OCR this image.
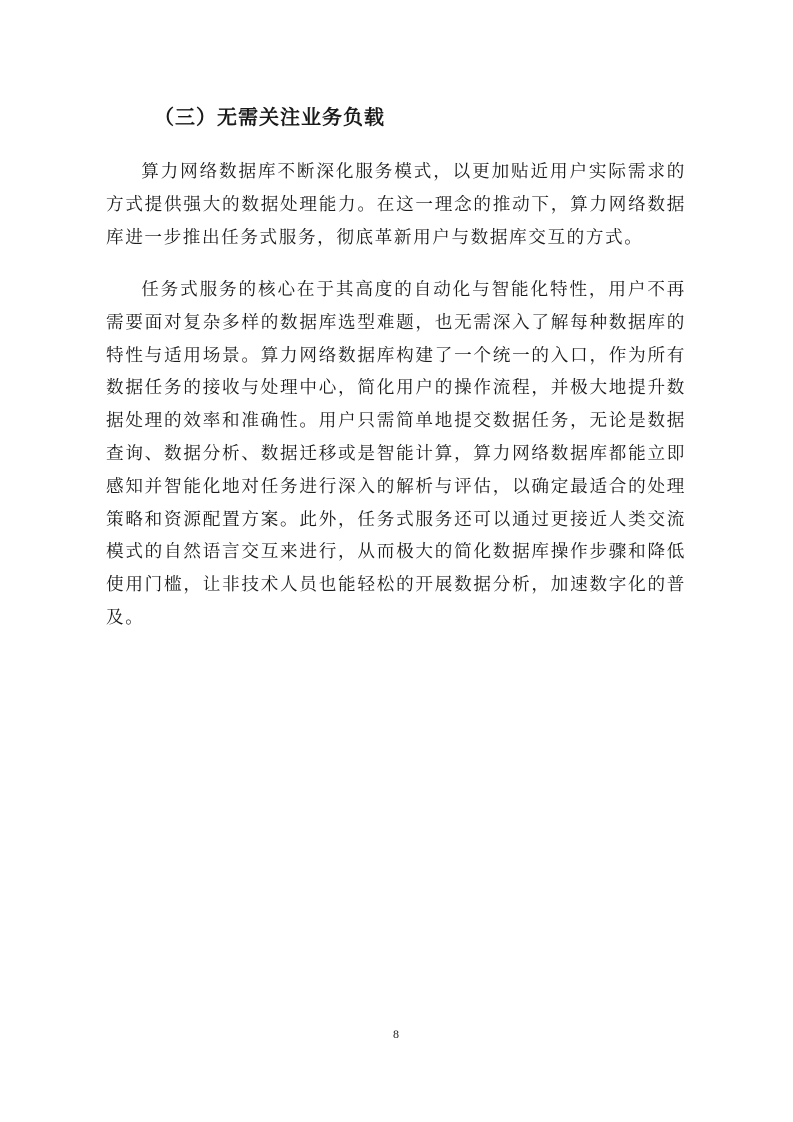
（三）无需关注业务负载

算力网络数据库不断深化服务模式，以更加贴近用户实际需求的方式提供强大的数据处理能力。在这一理念的推动下，算力网络数据库进一步推出任务式服务，彻底革新用户与数据库交互的方式。

任务式服务的核心在于其高度的自动化与智能化特性，用户不再需要面对复杂多样的数据库选型难题，也无需深入了解每种数据库的特性与适用场景。算力网络数据库构建了一个统一的入口，作为所有数据任务的接收与处理中心，简化用户的操作流程，并极大地提升数据处理的效率和准确性。用户只需简单地提交数据任务，无论是数据查询、数据分析、数据迁移或是智能计算，算力网络数据库都能立即感知并智能化地对任务进行深入的解析与评估，以确定最适合的处理策略和资源配置方案。此外，任务式服务还可以通过更接近人类交流模式的自然语言交互来进行，从而极大的简化数据库操作步骤和降低使用门槛，让非技术人员也能轻松的开展数据分析，加速数字化的普及。

8
